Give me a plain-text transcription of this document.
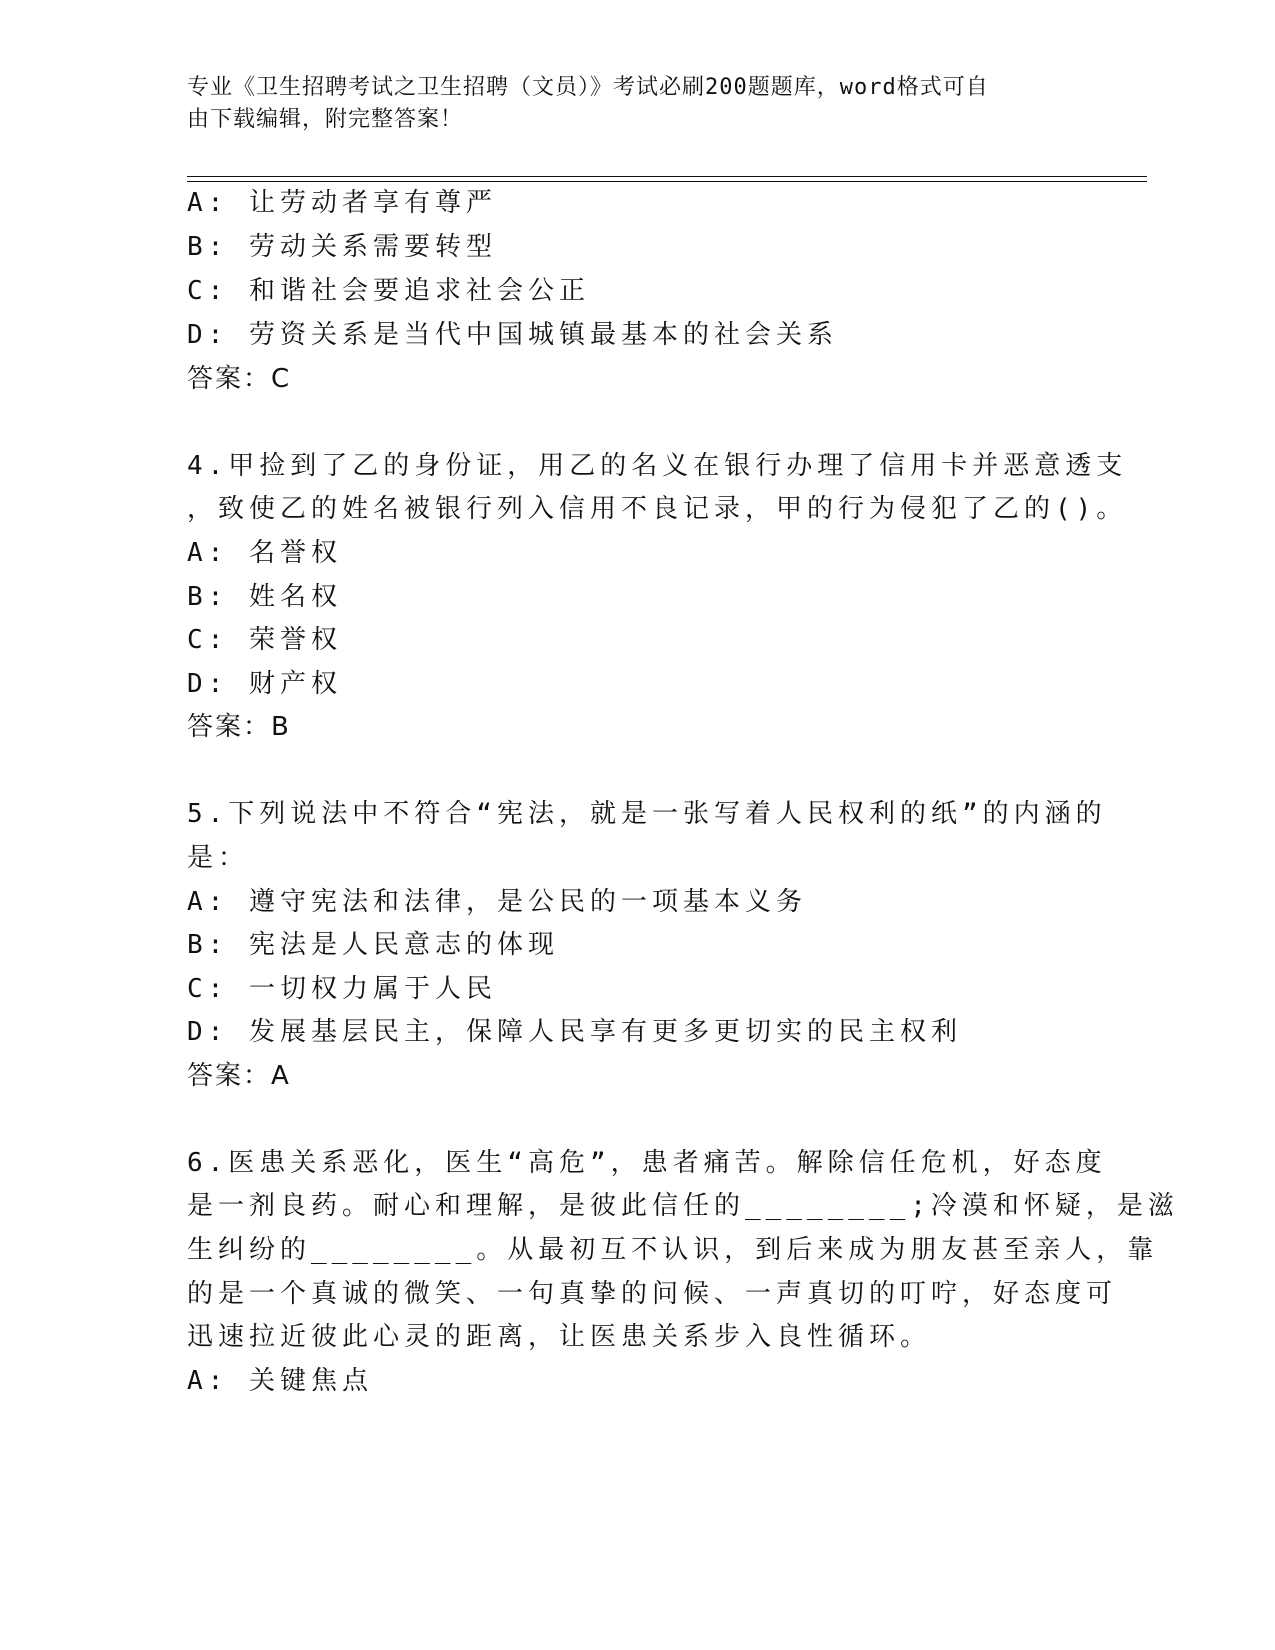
专业《卫生招聘考试之卫生招聘（文员）》考试必刷200题题库，word格式可自
由下载编辑，附完整答案！
A: 让劳动者享有尊严
B: 劳动关系需要转型
C: 和谐社会要追求社会公正
D: 劳资关系是当代中国城镇最基本的社会关系
答案：C
4.甲捡到了乙的身份证，用乙的名义在银行办理了信用卡并恶意透支
，致使乙的姓名被银行列入信用不良记录，甲的行为侵犯了乙的()。
A: 名誉权
B: 姓名权
C: 荣誉权
D: 财产权
答案：B
5.下列说法中不符合“宪法，就是一张写着人民权利的纸”的内涵的
是：
A: 遵守宪法和法律，是公民的一项基本义务
B: 宪法是人民意志的体现
C: 一切权力属于人民
D: 发展基层民主，保障人民享有更多更切实的民主权利
答案：A
6.医患关系恶化，医生“高危”，患者痛苦。解除信任危机，好态度
是一剂良药。耐心和理解，是彼此信任的________;冷漠和怀疑，是滋
生纠纷的________。从最初互不认识，到后来成为朋友甚至亲人，靠
的是一个真诚的微笑、一句真挚的问候、一声真切的叮咛，好态度可
迅速拉近彼此心灵的距离，让医患关系步入良性循环。
A: 关键焦点
